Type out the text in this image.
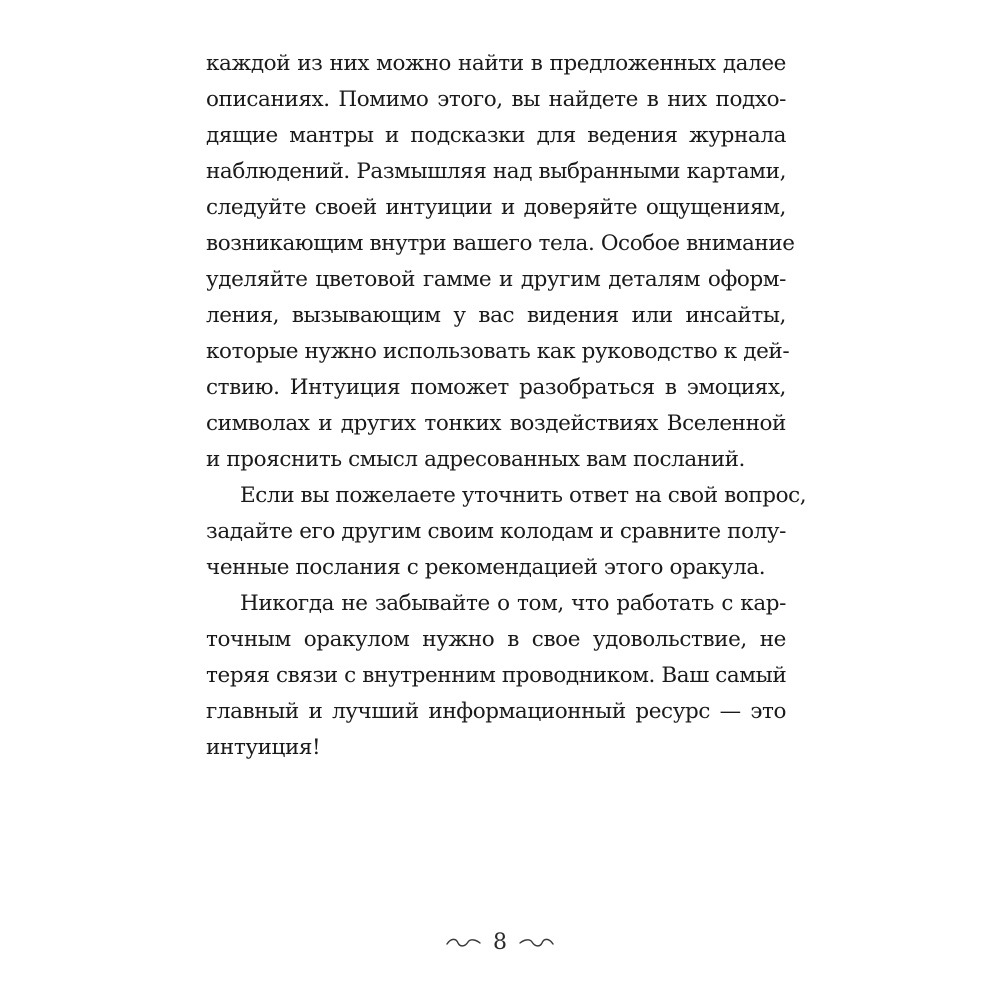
каждой из них можно найти в предложенных далее
описаниях. Помимо этого, вы найдете в них подхо-
дящие мантры и подсказки для ведения журнала
наблюдений. Размышляя над выбранными картами,
следуйте своей интуиции и доверяйте ощущениям,
возникающим внутри вашего тела. Особое внимание
уделяйте цветовой гамме и другим деталям оформ-
ления, вызывающим у вас видения или инсайты,
которые нужно использовать как руководство к дей-
ствию. Интуиция поможет разобраться в эмоциях,
символах и других тонких воздействиях Вселенной
и прояснить смысл адресованных вам посланий.
Если вы пожелаете уточнить ответ на свой вопрос,
задайте его другим своим колодам и сравните полу-
ченные послания с рекомендацией этого оракула.
Никогда не забывайте о том, что работать с кар-
точным оракулом нужно в свое удовольствие, не
теряя связи с внутренним проводником. Ваш самый
главный и лучший информационный ресурс — это
интуиция!
8
